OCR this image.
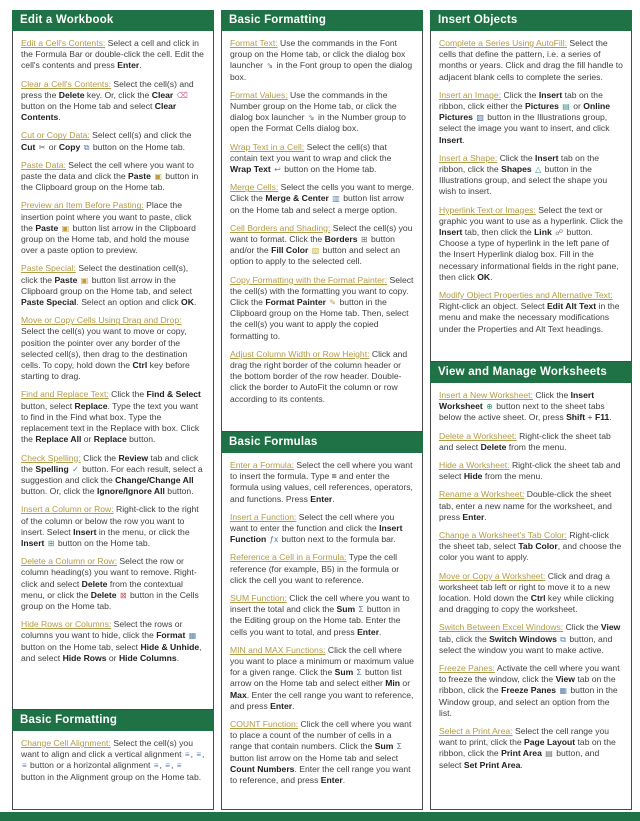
Edit a Workbook

Edit a Cell's Contents: Select a cell and click in the Formula Bar or double-click the cell. Edit the cell's contents and press Enter.

Clear a Cell's Contents: Select the cell(s) and press the Delete key. Or, click the Clear ⌫ button on the Home tab and select Clear Contents.

Cut or Copy Data: Select cell(s) and click the Cut ✂ or Copy ⧉ button on the Home tab.

Paste Data: Select the cell where you want to paste the data and click the Paste ▣ button in the Clipboard group on the Home tab.

Preview an Item Before Pasting: Place the insertion point where you want to paste, click the Paste ▣ button list arrow in the Clipboard group on the Home tab, and hold the mouse over a paste option to preview.

Paste Special: Select the destination cell(s), click the Paste ▣ button list arrow in the Clipboard group on the Home tab, and select Paste Special. Select an option and click OK.

Move or Copy Cells Using Drag and Drop: Select the cell(s) you want to move or copy, position the pointer over any border of the selected cell(s), then drag to the destination cells. To copy, hold down the Ctrl key before starting to drag.

Find and Replace Text: Click the Find & Select button, select Replace. Type the text you want to find in the Find what box. Type the replacement text in the Replace with box. Click the Replace All or Replace button.

Check Spelling: Click the Review tab and click the Spelling ✓ button. For each result, select a suggestion and click the Change/Change All button. Or, click the Ignore/Ignore All button.

Insert a Column or Row: Right-click to the right of the column or below the row you want to insert. Select Insert in the menu, or click the Insert ⊞ button on the Home tab.

Delete a Column or Row: Select the row or column heading(s) you want to remove. Right-click and select Delete from the contextual menu, or click the Delete ⊠ button in the Cells group on the Home tab.

Hide Rows or Columns: Select the rows or columns you want to hide, click the Format ▦ button on the Home tab, select Hide & Unhide, and select Hide Rows or Hide Columns.

Basic Formatting

Change Cell Alignment: Select the cell(s) you want to align and click a vertical alignment ≡, ≡, ≡ button or a horizontal alignment ≡, ≡, ≡ button in the Alignment group on the Home tab.

Basic Formatting

Format Text: Use the commands in the Font group on the Home tab, or click the dialog box launcher ⇘ in the Font group to open the dialog box.

Format Values: Use the commands in the Number group on the Home tab, or click the dialog box launcher ⇘ in the Number group to open the Format Cells dialog box.

Wrap Text in a Cell: Select the cell(s) that contain text you want to wrap and click the Wrap Text ↩ button on the Home tab.

Merge Cells: Select the cells you want to merge. Click the Merge & Center ▥ button list arrow on the Home tab and select a merge option.

Cell Borders and Shading: Select the cell(s) you want to format. Click the Borders ⊞ button and/or the Fill Color ▨ button and select an option to apply to the selected cell.

Copy Formatting with the Format Painter: Select the cell(s) with the formatting you want to copy. Click the Format Painter ✎ button in the Clipboard group on the Home tab. Then, select the cell(s) you want to apply the copied formatting to.

Adjust Column Width or Row Height: Click and drag the right border of the column header or the bottom border of the row header. Double-click the border to AutoFit the column or row according to its contents.

Basic Formulas

Enter a Formula: Select the cell where you want to insert the formula. Type = and enter the formula using values, cell references, operators, and functions. Press Enter.

Insert a Function: Select the cell where you want to enter the function and click the Insert Function ƒx button next to the formula bar.

Reference a Cell in a Formula: Type the cell reference (for example, B5) in the formula or click the cell you want to reference.

SUM Function: Click the cell where you want to insert the total and click the Sum Σ button in the Editing group on the Home tab. Enter the cells you want to total, and press Enter.

MIN and MAX Functions: Click the cell where you want to place a minimum or maximum value for a given range. Click the Sum Σ button list arrow on the Home tab and select either Min or Max. Enter the cell range you want to reference, and press Enter.

COUNT Function: Click the cell where you want to place a count of the number of cells in a range that contain numbers. Click the Sum Σ button list arrow on the Home tab and select Count Numbers. Enter the cell range you want to reference, and press Enter.

Insert Objects

Complete a Series Using AutoFill: Select the cells that define the pattern, i.e. a series of months or years. Click and drag the fill handle to adjacent blank cells to complete the series.

Insert an Image: Click the Insert tab on the ribbon, click either the Pictures ▤ or Online Pictures ▧ button in the Illustrations group, select the image you want to insert, and click Insert.

Insert a Shape: Click the Insert tab on the ribbon, click the Shapes △ button in the Illustrations group, and select the shape you wish to insert.

Hyperlink Text or Images: Select the text or graphic you want to use as a hyperlink. Click the Insert tab, then click the Link ☍ button. Choose a type of hyperlink in the left pane of the Insert Hyperlink dialog box. Fill in the necessary informational fields in the right pane, then click OK.

Modify Object Properties and Alternative Text: Right-click an object. Select Edit Alt Text in the menu and make the necessary modifications under the Properties and Alt Text headings.

View and Manage Worksheets

Insert a New Worksheet: Click the Insert Worksheet ⊕ button next to the sheet tabs below the active sheet. Or, press Shift + F11.

Delete a Worksheet: Right-click the sheet tab and select Delete from the menu.

Hide a Worksheet: Right-click the sheet tab and select Hide from the menu.

Rename a Worksheet: Double-click the sheet tab, enter a new name for the worksheet, and press Enter.

Change a Worksheet's Tab Color: Right-click the sheet tab, select Tab Color, and choose the color you want to apply.

Move or Copy a Worksheet: Click and drag a worksheet tab left or right to move it to a new location. Hold down the Ctrl key while clicking and dragging to copy the worksheet.

Switch Between Excel Windows: Click the View tab, click the Switch Windows ⧉ button, and select the window you want to make active.

Freeze Panes: Activate the cell where you want to freeze the window, click the View tab on the ribbon, click the Freeze Panes ▦ button in the Window group, and select an option from the list.

Select a Print Area: Select the cell range you want to print, click the Page Layout tab on the ribbon, click the Print Area ▤ button, and select Set Print Area.
